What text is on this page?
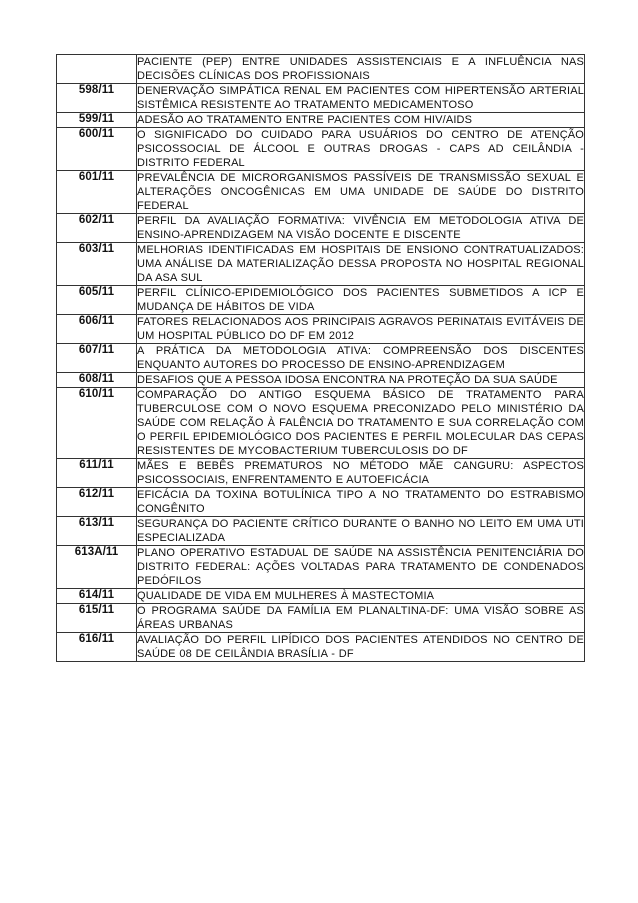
	PACIENTE (PEP) ENTRE UNIDADES ASSISTENCIAIS E A INFLUÊNCIA NAS DECISÕES CLÍNICAS DOS PROFISSIONAIS
598/11	DENERVAÇÃO SIMPÁTICA RENAL EM PACIENTES COM HIPERTENSÃO ARTERIAL SISTÊMICA RESISTENTE AO TRATAMENTO MEDICAMENTOSO
599/11	ADESÃO AO TRATAMENTO ENTRE PACIENTES COM HIV/AIDS
600/11	O SIGNIFICADO DO CUIDADO PARA USUÁRIOS DO CENTRO DE ATENÇÃO PSICOSSOCIAL DE ÁLCOOL E OUTRAS DROGAS - CAPS AD CEILÂNDIA - DISTRITO FEDERAL
601/11	PREVALÊNCIA DE MICRORGANISMOS PASSÍVEIS DE TRANSMISSÃO SEXUAL E ALTERAÇÕES ONCOGÊNICAS EM UMA UNIDADE DE SAÚDE DO DISTRITO FEDERAL
602/11	PERFIL DA AVALIAÇÃO FORMATIVA: VIVÊNCIA EM METODOLOGIA ATIVA DE ENSINO-APRENDIZAGEM NA VISÃO DOCENTE E DISCENTE
603/11	MELHORIAS IDENTIFICADAS EM HOSPITAIS DE ENSIONO CONTRATUALIZADOS: UMA ANÁLISE DA MATERIALIZAÇÃO DESSA PROPOSTA NO HOSPITAL REGIONAL DA ASA SUL
605/11	PERFIL CLÍNICO-EPIDEMIOLÓGICO DOS PACIENTES SUBMETIDOS A ICP E MUDANÇA DE HÁBITOS DE VIDA
606/11	FATORES RELACIONADOS AOS PRINCIPAIS AGRAVOS PERINATAIS EVITÁVEIS DE UM HOSPITAL PÚBLICO DO DF EM 2012
607/11	A PRÁTICA DA METODOLOGIA ATIVA: COMPREENSÃO DOS DISCENTES ENQUANTO AUTORES DO PROCESSO DE ENSINO-APRENDIZAGEM
608/11	DESAFIOS QUE A PESSOA IDOSA ENCONTRA NA PROTEÇÃO DA SUA SAÚDE
610/11	COMPARAÇÃO DO ANTIGO ESQUEMA BÁSICO DE TRATAMENTO PARA TUBERCULOSE COM O NOVO ESQUEMA PRECONIZADO PELO MINISTÉRIO DA SAÚDE COM RELAÇÃO À FALÊNCIA DO TRATAMENTO E SUA CORRELAÇÃO COM O PERFIL EPIDEMIOLÓGICO DOS PACIENTES E PERFIL MOLECULAR DAS CEPAS RESISTENTES DE MYCOBACTERIUM TUBERCULOSIS DO DF
611/11	MÃES E BEBÊS PREMATUROS NO MÉTODO MÃE CANGURU: ASPECTOS PSICOSSOCIAIS, ENFRENTAMENTO E AUTOEFICÁCIA
612/11	EFICÁCIA DA TOXINA BOTULÍNICA TIPO A NO TRATAMENTO DO ESTRABISMO CONGÊNITO
613/11	SEGURANÇA DO PACIENTE CRÍTICO DURANTE O BANHO NO LEITO EM UMA UTI ESPECIALIZADA
613A/11	PLANO OPERATIVO ESTADUAL DE SAÚDE NA ASSISTÊNCIA PENITENCIÁRIA DO DISTRITO FEDERAL: AÇÕES VOLTADAS PARA TRATAMENTO DE CONDENADOS PEDÓFILOS
614/11	QUALIDADE DE VIDA EM MULHERES À MASTECTOMIA
615/11	O PROGRAMA SAÚDE DA FAMÍLIA EM PLANALTINA-DF: UMA VISÃO SOBRE AS ÁREAS URBANAS
616/11	AVALIAÇÃO DO PERFIL LIPÍDICO DOS PACIENTES ATENDIDOS NO CENTRO DE SAÚDE 08 DE CEILÂNDIA BRASÍLIA - DF
